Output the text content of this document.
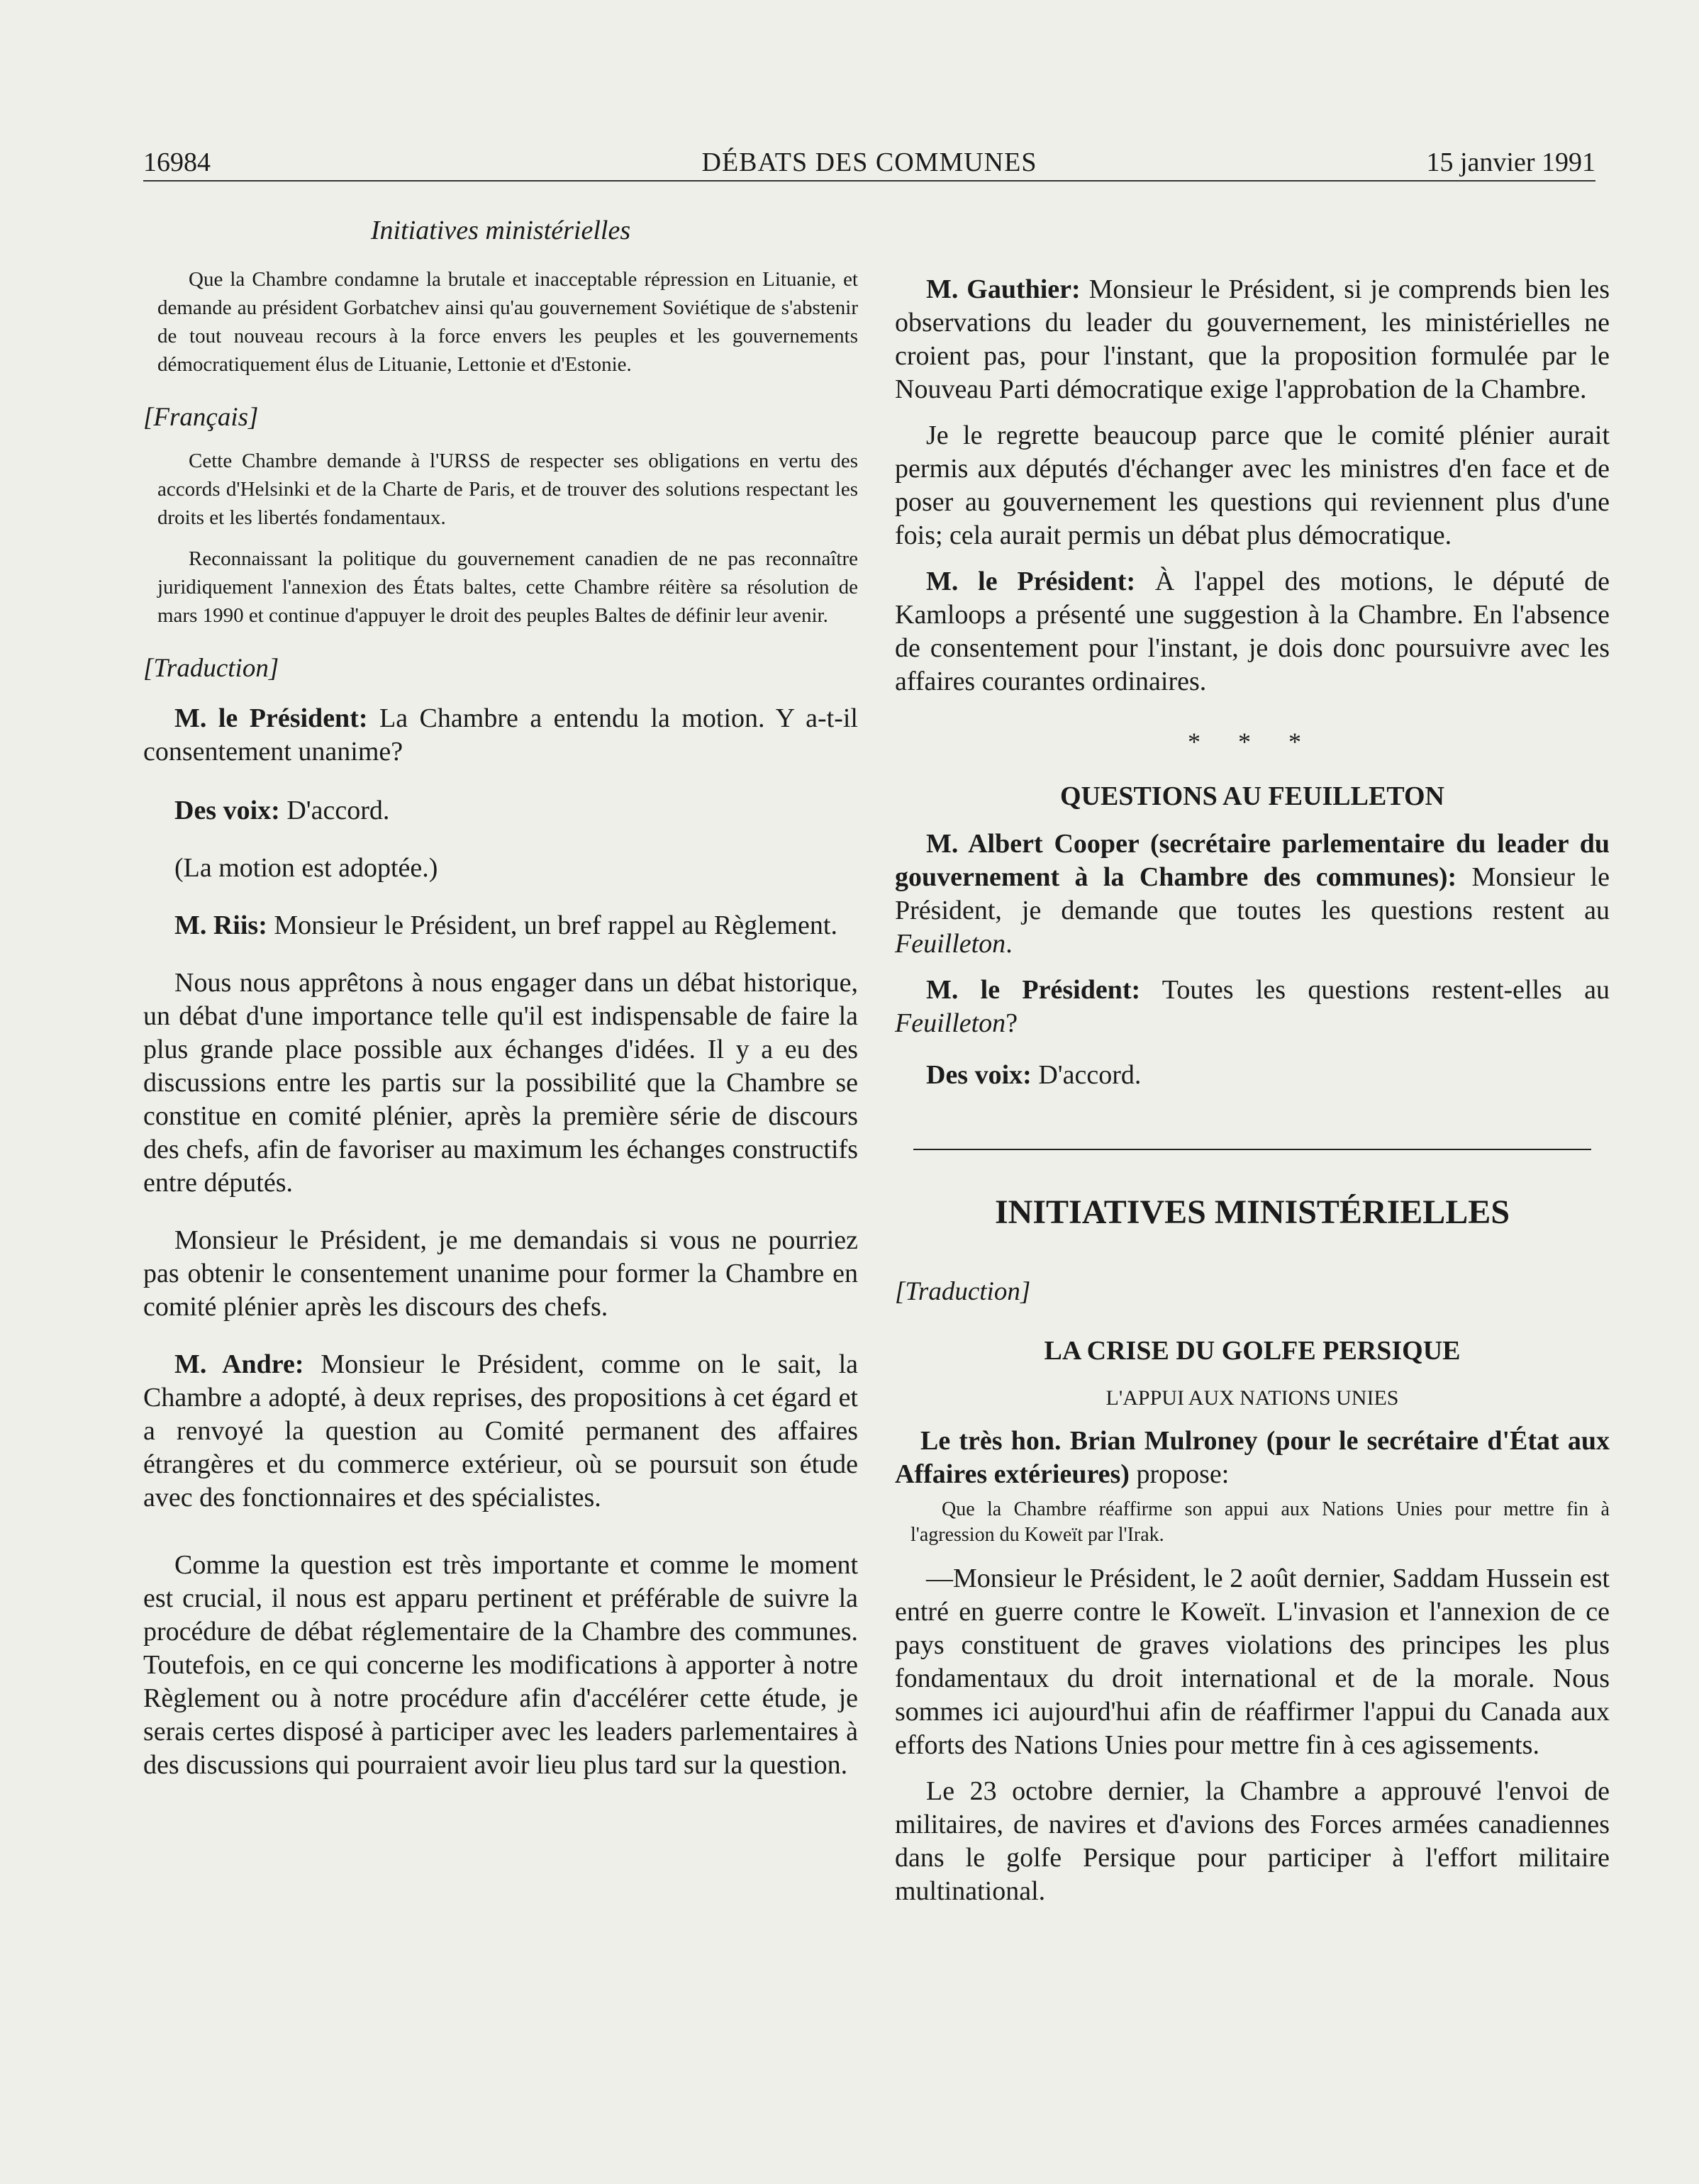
16984	DÉBATS DES COMMUNES	15 janvier 1991

Initiatives ministérielles

Que la Chambre condamne la brutale et inacceptable répression en Lituanie, et demande au président Gorbatchev ainsi qu'au gouvernement Soviétique de s'abstenir de tout nouveau recours à la force envers les peuples et les gouvernements démocratiquement élus de Lituanie, Lettonie et d'Estonie.

[Français]

Cette Chambre demande à l'URSS de respecter ses obligations en vertu des accords d'Helsinki et de la Charte de Paris, et de trouver des solutions respectant les droits et les libertés fondamentaux.

Reconnaissant la politique du gouvernement canadien de ne pas reconnaître juridiquement l'annexion des États baltes, cette Chambre réitère sa résolution de mars 1990 et continue d'appuyer le droit des peuples Baltes de définir leur avenir.

[Traduction]

M. le Président: La Chambre a entendu la motion. Y a-t-il consentement unanime?

Des voix: D'accord.

(La motion est adoptée.)

M. Riis: Monsieur le Président, un bref rappel au Règlement.

Nous nous apprêtons à nous engager dans un débat historique, un débat d'une importance telle qu'il est indispensable de faire la plus grande place possible aux échanges d'idées. Il y a eu des discussions entre les partis sur la possibilité que la Chambre se constitue en comité plénier, après la première série de discours des chefs, afin de favoriser au maximum les échanges constructifs entre députés.

Monsieur le Président, je me demandais si vous ne pourriez pas obtenir le consentement unanime pour former la Chambre en comité plénier après les discours des chefs.

M. Andre: Monsieur le Président, comme on le sait, la Chambre a adopté, à deux reprises, des propositions à cet égard et a renvoyé la question au Comité permanent des affaires étrangères et du commerce extérieur, où se poursuit son étude avec des fonctionnaires et des spécialistes.

Comme la question est très importante et comme le moment est crucial, il nous est apparu pertinent et préférable de suivre la procédure de débat réglementaire de la Chambre des communes. Toutefois, en ce qui concerne les modifications à apporter à notre Règlement ou à notre procédure afin d'accélérer cette étude, je serais certes disposé à participer avec les leaders parlementaires à des discussions qui pourraient avoir lieu plus tard sur la question.

M. Gauthier: Monsieur le Président, si je comprends bien les observations du leader du gouvernement, les ministérielles ne croient pas, pour l'instant, que la proposition formulée par le Nouveau Parti démocratique exige l'approbation de la Chambre.

Je le regrette beaucoup parce que le comité plénier aurait permis aux députés d'échanger avec les ministres d'en face et de poser au gouvernement les questions qui reviennent plus d'une fois; cela aurait permis un débat plus démocratique.

M. le Président: À l'appel des motions, le député de Kamloops a présenté une suggestion à la Chambre. En l'absence de consentement pour l'instant, je dois donc poursuivre avec les affaires courantes ordinaires.

* * *

QUESTIONS AU FEUILLETON

M. Albert Cooper (secrétaire parlementaire du leader du gouvernement à la Chambre des communes): Monsieur le Président, je demande que toutes les questions restent au Feuilleton.

M. le Président: Toutes les questions restent-elles au Feuilleton?

Des voix: D'accord.

INITIATIVES MINISTÉRIELLES

[Traduction]

LA CRISE DU GOLFE PERSIQUE

L'APPUI AUX NATIONS UNIES

Le très hon. Brian Mulroney (pour le secrétaire d'État aux Affaires extérieures) propose:

Que la Chambre réaffirme son appui aux Nations Unies pour mettre fin à l'agression du Koweït par l'Irak.

—Monsieur le Président, le 2 août dernier, Saddam Hussein est entré en guerre contre le Koweït. L'invasion et l'annexion de ce pays constituent de graves violations des principes les plus fondamentaux du droit international et de la morale. Nous sommes ici aujourd'hui afin de réaffirmer l'appui du Canada aux efforts des Nations Unies pour mettre fin à ces agissements.

Le 23 octobre dernier, la Chambre a approuvé l'envoi de militaires, de navires et d'avions des Forces armées canadiennes dans le golfe Persique pour participer à l'effort militaire multinational.
